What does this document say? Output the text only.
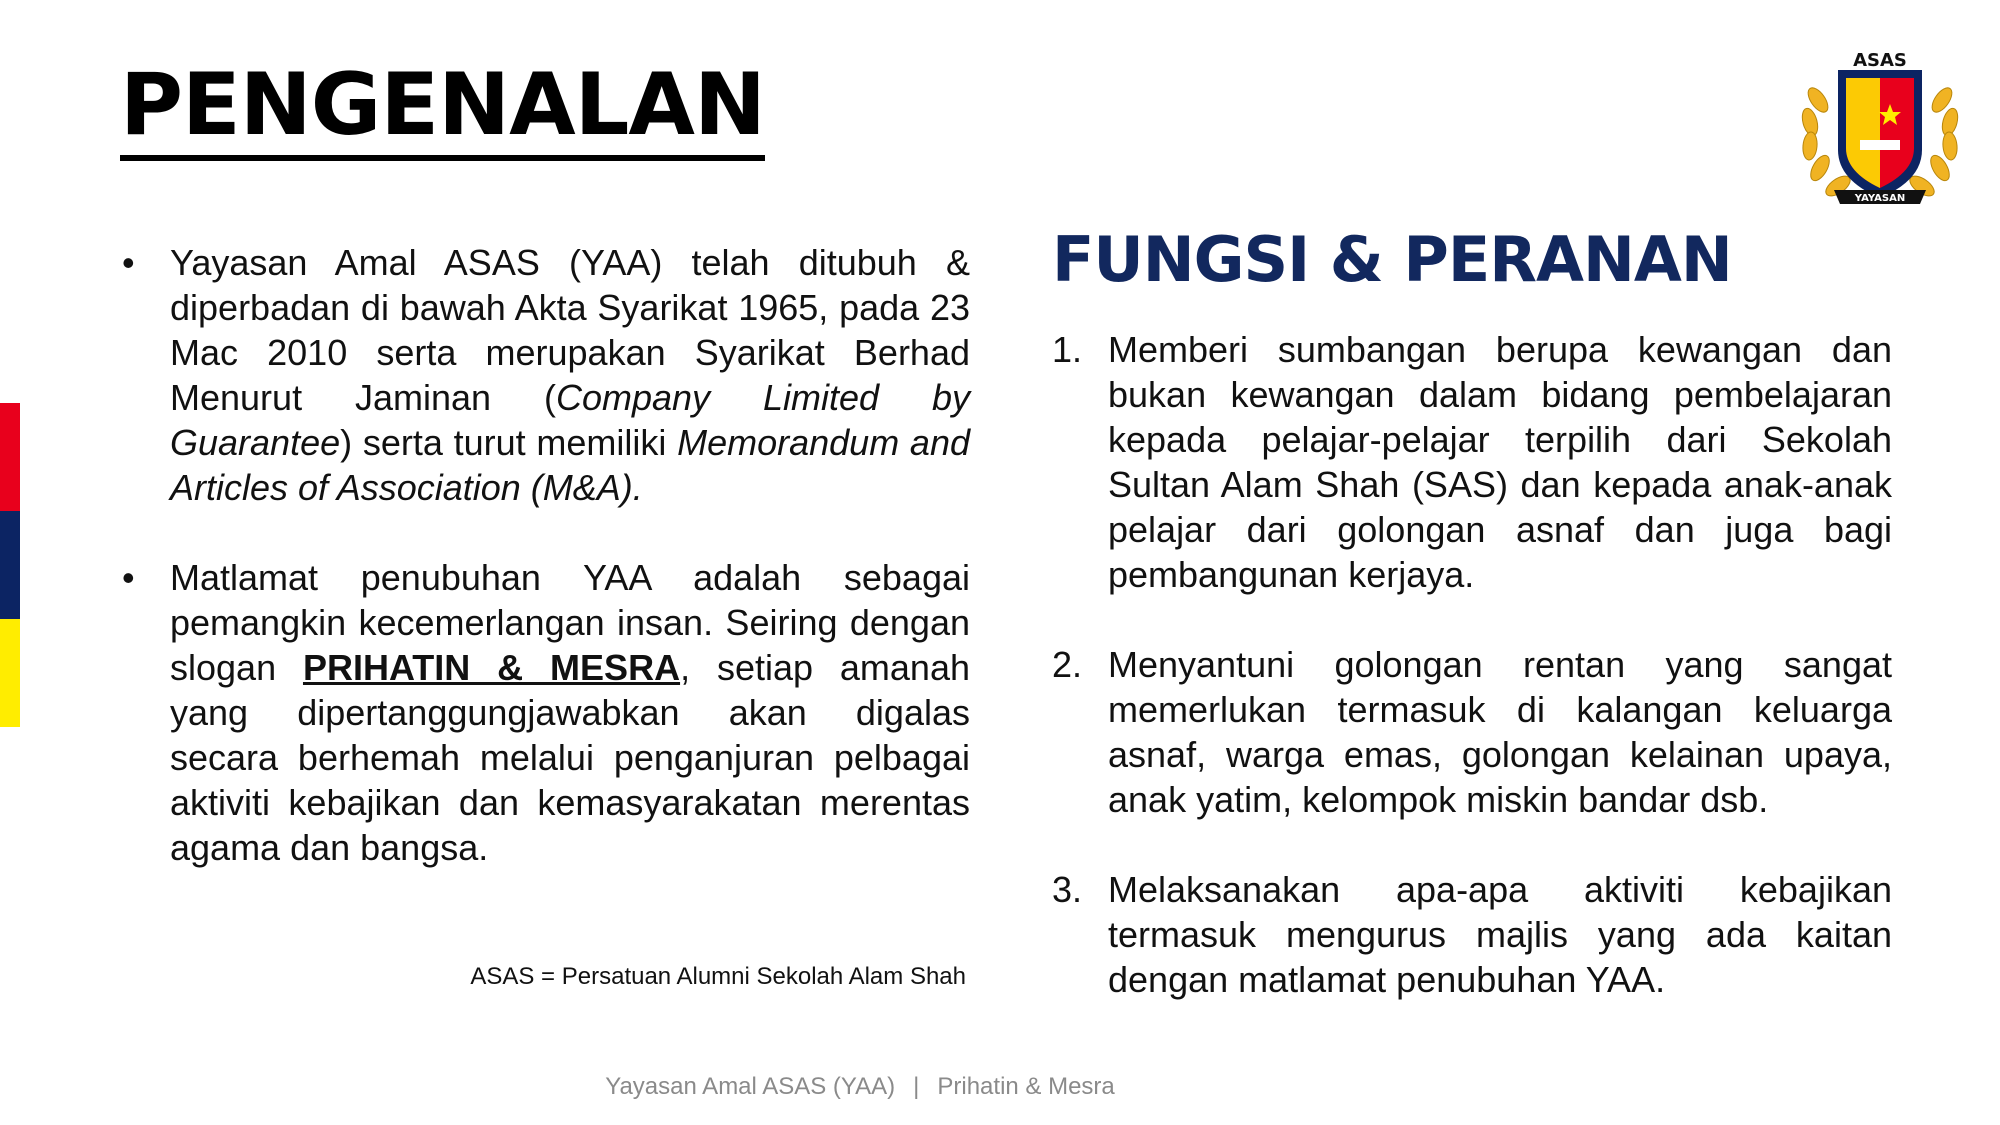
PENGENALAN	ASAS
YAYASAN
• Yayasan Amal ASAS (YAA) telah ditubuh & diperbadan di bawah Akta Syarikat 1965, pada 23 Mac 2010 serta merupakan Syarikat Berhad Menurut Jaminan (Company Limited by Guarantee) serta turut memiliki Memorandum and Articles of Association (M&A).
• Matlamat penubuhan YAA adalah sebagai pemangkin kecemerlangan insan. Seiring dengan slogan PRIHATIN & MESRA, setiap amanah yang dipertanggungjawabkan akan digalas secara berhemah melalui penganjuran pelbagai aktiviti kebajikan dan kemasyarakatan merentas agama dan bangsa.
ASAS = Persatuan Alumni Sekolah Alam Shah
FUNGSI & PERANAN
1. Memberi sumbangan berupa kewangan dan bukan kewangan dalam bidang pembelajaran kepada pelajar-pelajar terpilih dari Sekolah Sultan Alam Shah (SAS) dan kepada anak-anak pelajar dari golongan asnaf dan juga bagi pembangunan kerjaya.
2. Menyantuni golongan rentan yang sangat memerlukan termasuk di kalangan keluarga asnaf, warga emas, golongan kelainan upaya, anak yatim, kelompok miskin bandar dsb.
3. Melaksanakan apa-apa aktiviti kebajikan termasuk mengurus majlis yang ada kaitan dengan matlamat penubuhan YAA.
Yayasan Amal ASAS (YAA) | Prihatin & Mesra
